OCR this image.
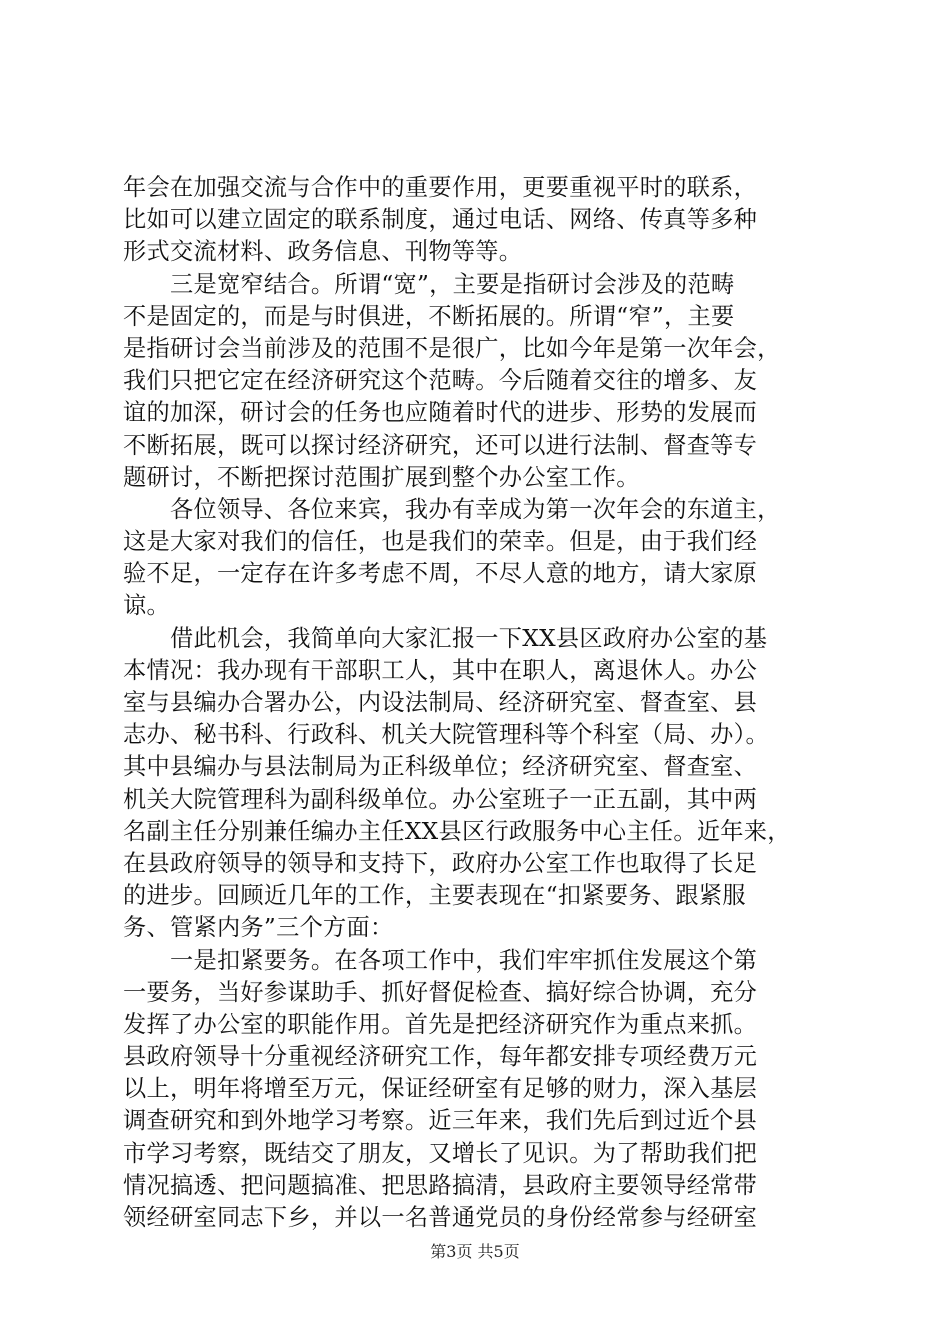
年会在加强交流与合作中的重要作用，更要重视平时的联系，
比如可以建立固定的联系制度，通过电话、网络、传真等多种
形式交流材料、政务信息、刊物等等。
　　三是宽窄结合。所谓“宽”，主要是指研讨会涉及的范畴
不是固定的，而是与时俱进，不断拓展的。所谓“窄”，主要
是指研讨会当前涉及的范围不是很广，比如今年是第一次年会，
我们只把它定在经济研究这个范畴。今后随着交往的增多、友
谊的加深，研讨会的任务也应随着时代的进步、形势的发展而
不断拓展，既可以探讨经济研究，还可以进行法制、督查等专
题研讨，不断把探讨范围扩展到整个办公室工作。
　　各位领导、各位来宾，我办有幸成为第一次年会的东道主，
这是大家对我们的信任，也是我们的荣幸。但是，由于我们经
验不足，一定存在许多考虑不周，不尽人意的地方，请大家原
谅。
　　借此机会，我简单向大家汇报一下XX县区政府办公室的基
本情况：我办现有干部职工人，其中在职人，离退休人。办公
室与县编办合署办公，内设法制局、经济研究室、督查室、县
志办、秘书科、行政科、机关大院管理科等个科室（局、办）。
其中县编办与县法制局为正科级单位；经济研究室、督查室、
机关大院管理科为副科级单位。办公室班子一正五副，其中两
名副主任分别兼任编办主任XX县区行政服务中心主任。近年来，
在县政府领导的领导和支持下，政府办公室工作也取得了长足
的进步。回顾近几年的工作，主要表现在“扣紧要务、跟紧服
务、管紧内务”三个方面：
　　一是扣紧要务。在各项工作中，我们牢牢抓住发展这个第
一要务，当好参谋助手、抓好督促检查、搞好综合协调，充分
发挥了办公室的职能作用。首先是把经济研究作为重点来抓。
县政府领导十分重视经济研究工作，每年都安排专项经费万元
以上，明年将增至万元，保证经研室有足够的财力，深入基层
调查研究和到外地学习考察。近三年来，我们先后到过近个县
市学习考察，既结交了朋友，又增长了见识。为了帮助我们把
情况搞透、把问题搞准、把思路搞清，县政府主要领导经常带
领经研室同志下乡，并以一名普通党员的身份经常参与经研室
第3页 共5页
